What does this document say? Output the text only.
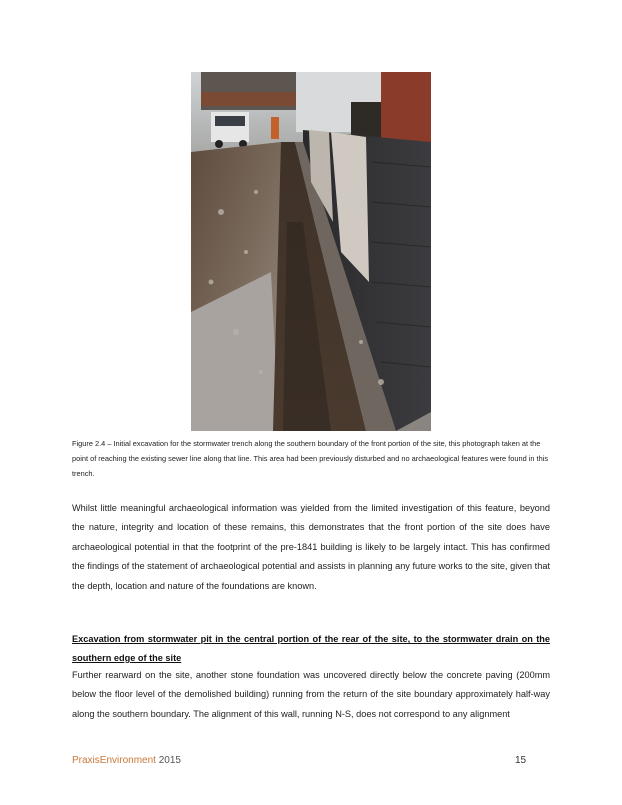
Figure 2.4 – Initial excavation for the stormwater trench along the southern boundary of the front portion of the site, this photograph taken at the point of reaching the existing sewer line along that line. This area had been previously disturbed and no archaeological features were found in this trench.
Whilst little meaningful archaeological information was yielded from the limited investigation of this feature, beyond the nature, integrity and location of these remains, this demonstrates that the front portion of the site does have archaeological potential in that the footprint of the pre-1841 building is likely to be largely intact. This has confirmed the findings of the statement of archaeological potential and assists in planning any future works to the site, given that the depth, location and nature of the foundations are known.
Excavation from stormwater pit in the central portion of the rear of the site, to the stormwater drain on the southern edge of the site
Further rearward on the site, another stone foundation was uncovered directly below the concrete paving (200mm below the floor level of the demolished building) running from the return of the site boundary approximately half-way along the southern boundary. The alignment of this wall, running N-S, does not correspond to any alignment
PraxisEnvironment 2015	15
